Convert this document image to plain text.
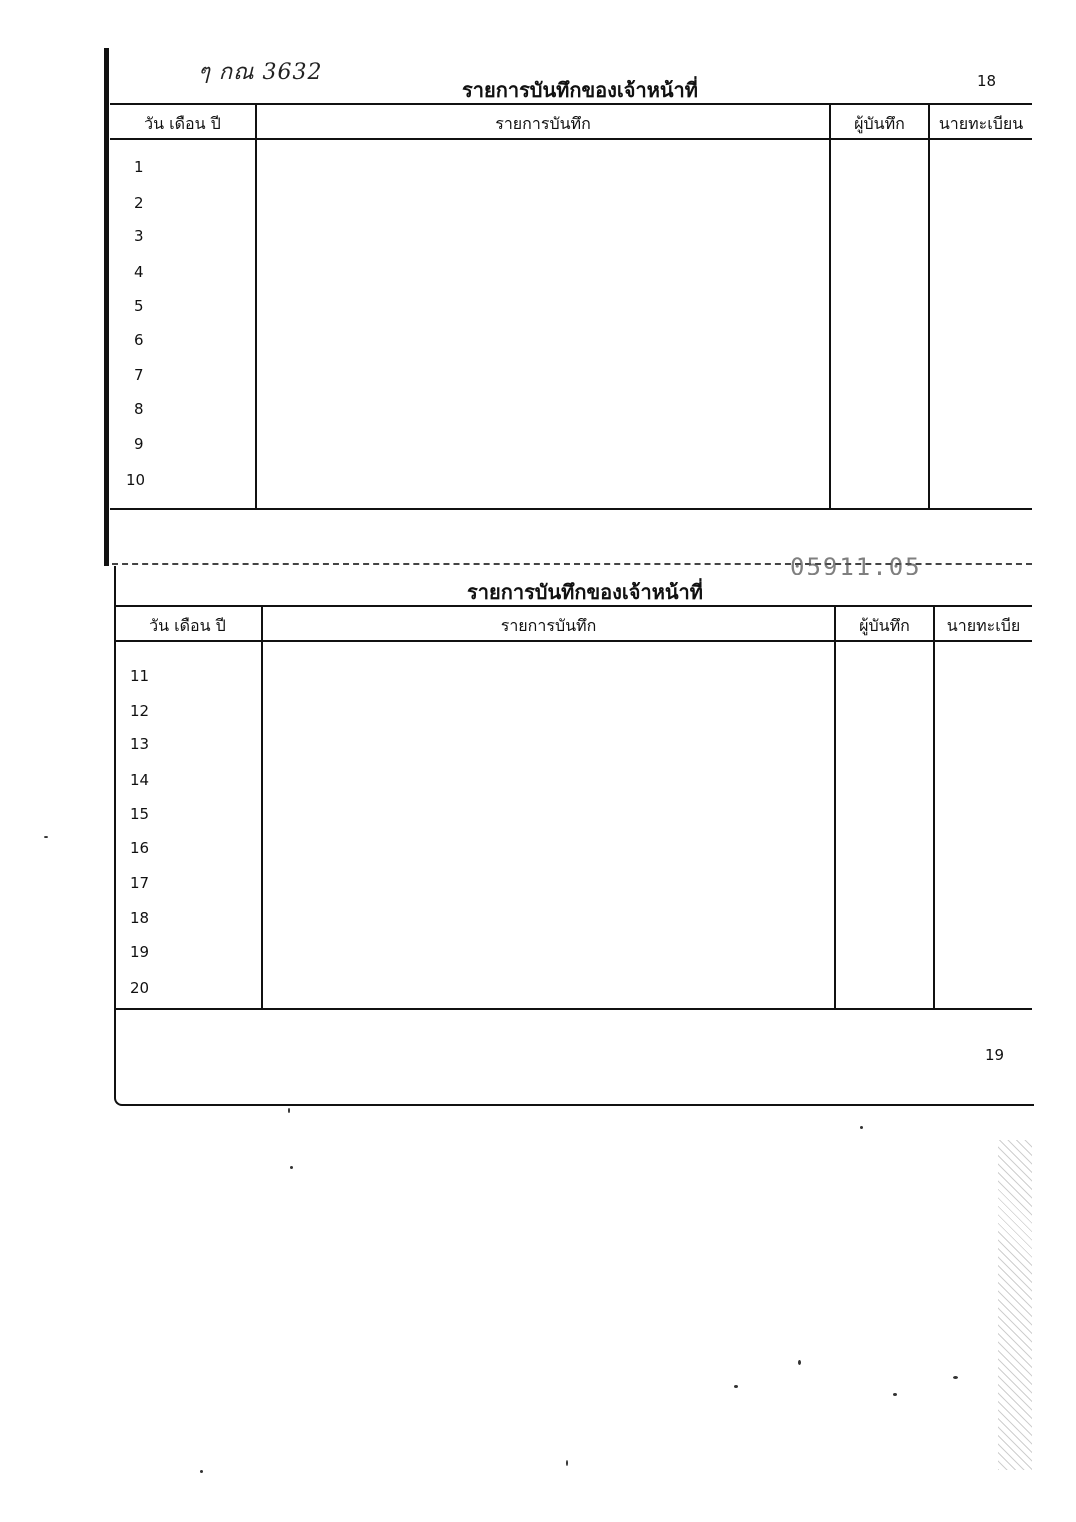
ๆ กณ 3632	18
รายการบันทึกของเจ้าหน้าที่
วัน เดือน ปี	รายการบันทึก	ผู้บันทึก	นายทะเบียน
1
2
3
4
5
6
7
8
9
10
05911.05
รายการบันทึกของเจ้าหน้าที่
วัน เดือน ปี	รายการบันทึก	ผู้บันทึก	นายทะเบีย
11
12
13
14
15
16
17
18
19
20
19
